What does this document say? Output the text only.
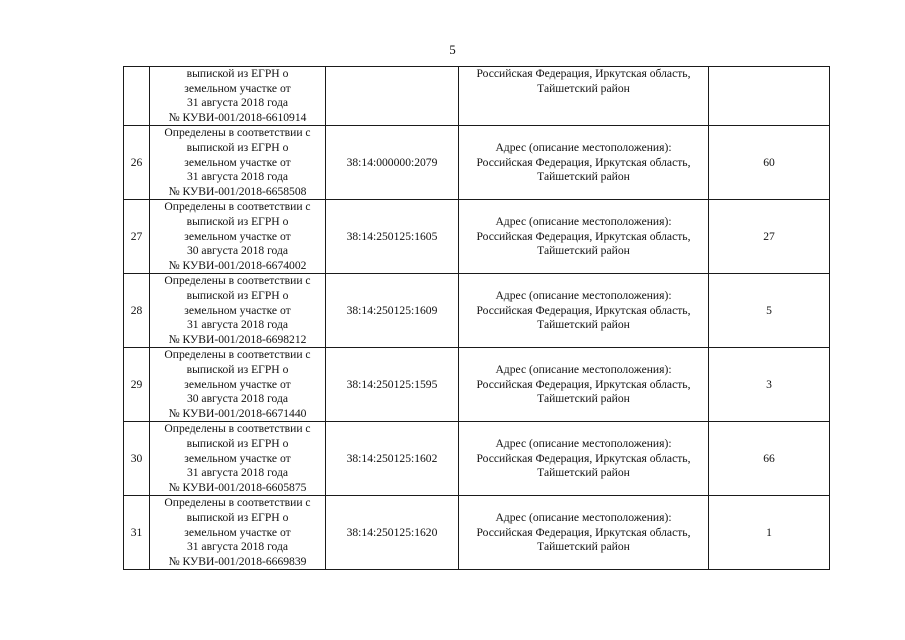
5

	выпиской из ЕГРН о
земельном участке от
31 августа 2018 года
№ КУВИ-001/2018-6610914		Российская Федерация, Иркутская область,
Тайшетский район	

26	Определены в соответствии с
выпиской из ЕГРН о
земельном участке от
31 августа 2018 года
№ КУВИ-001/2018-6658508	38:14:000000:2079	Адрес (описание местоположения):
Российская Федерация, Иркутская область,
Тайшетский район	60
27	Определены в соответствии с
выпиской из ЕГРН о
земельном участке от
30 августа 2018 года
№ КУВИ-001/2018-6674002	38:14:250125:1605	Адрес (описание местоположения):
Российская Федерация, Иркутская область,
Тайшетский район	27
28	Определены в соответствии с
выпиской из ЕГРН о
земельном участке от
31 августа 2018 года
№ КУВИ-001/2018-6698212	38:14:250125:1609	Адрес (описание местоположения):
Российская Федерация, Иркутская область,
Тайшетский район	5
29	Определены в соответствии с
выпиской из ЕГРН о
земельном участке от
30 августа 2018 года
№ КУВИ-001/2018-6671440	38:14:250125:1595	Адрес (описание местоположения):
Российская Федерация, Иркутская область,
Тайшетский район	3
30	Определены в соответствии с
выпиской из ЕГРН о
земельном участке от
31 августа 2018 года
№ КУВИ-001/2018-6605875	38:14:250125:1602	Адрес (описание местоположения):
Российская Федерация, Иркутская область,
Тайшетский район	66
31	Определены в соответствии с
выпиской из ЕГРН о
земельном участке от
31 августа 2018 года
№ КУВИ-001/2018-6669839	38:14:250125:1620	Адрес (описание местоположения):
Российская Федерация, Иркутская область,
Тайшетский район	1
